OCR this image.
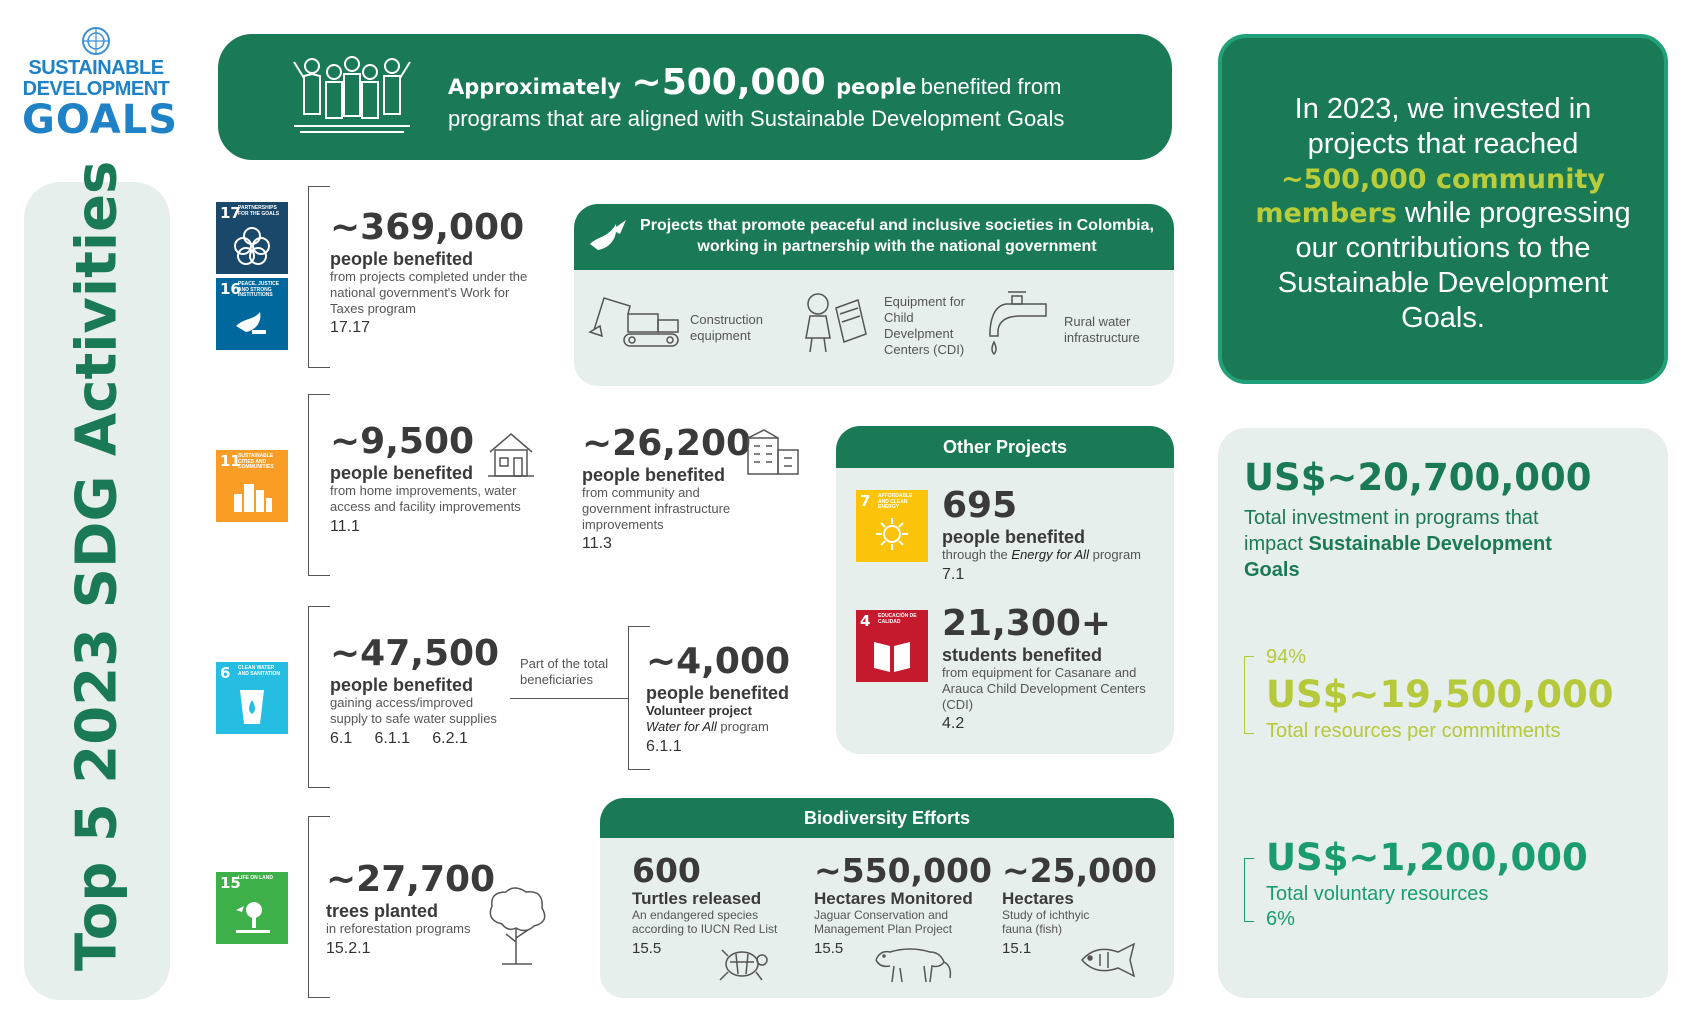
SUSTAINABLE
DEVELOPMENT
GOALS
Top 5 2023 SDG Activities
Approximately ~500,000 people benefited from
programs that are aligned with Sustainable Development Goals	In 2023, we invested in projects that reached ~500,000 community members while progressing our contributions to the Sustainable Development Goals.
17
PARTNERSHIPS FOR THE GOALS
16
PEACE, JUSTICE AND STRONG INSTITUTIONS
~369,000
people benefited
from projects completed under the national government's Work for Taxes program
17.17
Projects that promote peaceful and inclusive societies in Colombia, working in partnership with the national government
Construction equipment
Equipment for Child Develpment Centers (CDI)
Rural water infrastructure
11
SUSTAINABLE CITIES AND COMMUNITIES
~9,500
people benefited
from home improvements, water access and facility improvements
11.1
~26,200
people benefited
from community and government infrastructure improvements
11.3
Other Projects
7 AFFORDABLE AND CLEAN ENERGY	695
people benefited
through the Energy for All program
7.1
4 EDUCACIÓN DE CALIDAD	21,300+
students benefited
from equipment for Casanare and Arauca Child Development Centers (CDI)
4.2
6 CLEAN WATER AND SANITATION ~47,500
people benefited
gaining access/improved supply to safe water supplies
6.1     6.1.1     6.2.1
Part of the total beneficiaries	~4,000
people benefited
Volunteer project
Water for All program
6.1.1
15
LIFE ON LAND	~27,700
trees planted
in reforestation programs
15.2.1
Biodiversity Efforts
600
Turtles released
An endangered species according to IUCN Red List
15.5
~550,000
Hectares Monitored
Jaguar Conservation and Management Plan Project
15.5
~25,000
Hectares
Study of ichthyic fauna (fish)
15.1
US$~20,700,000
Total investment in programs that impact Sustainable Development Goals
94%
US$~19,500,000
Total resources per commitments
US$~1,200,000
Total voluntary resources
6%
